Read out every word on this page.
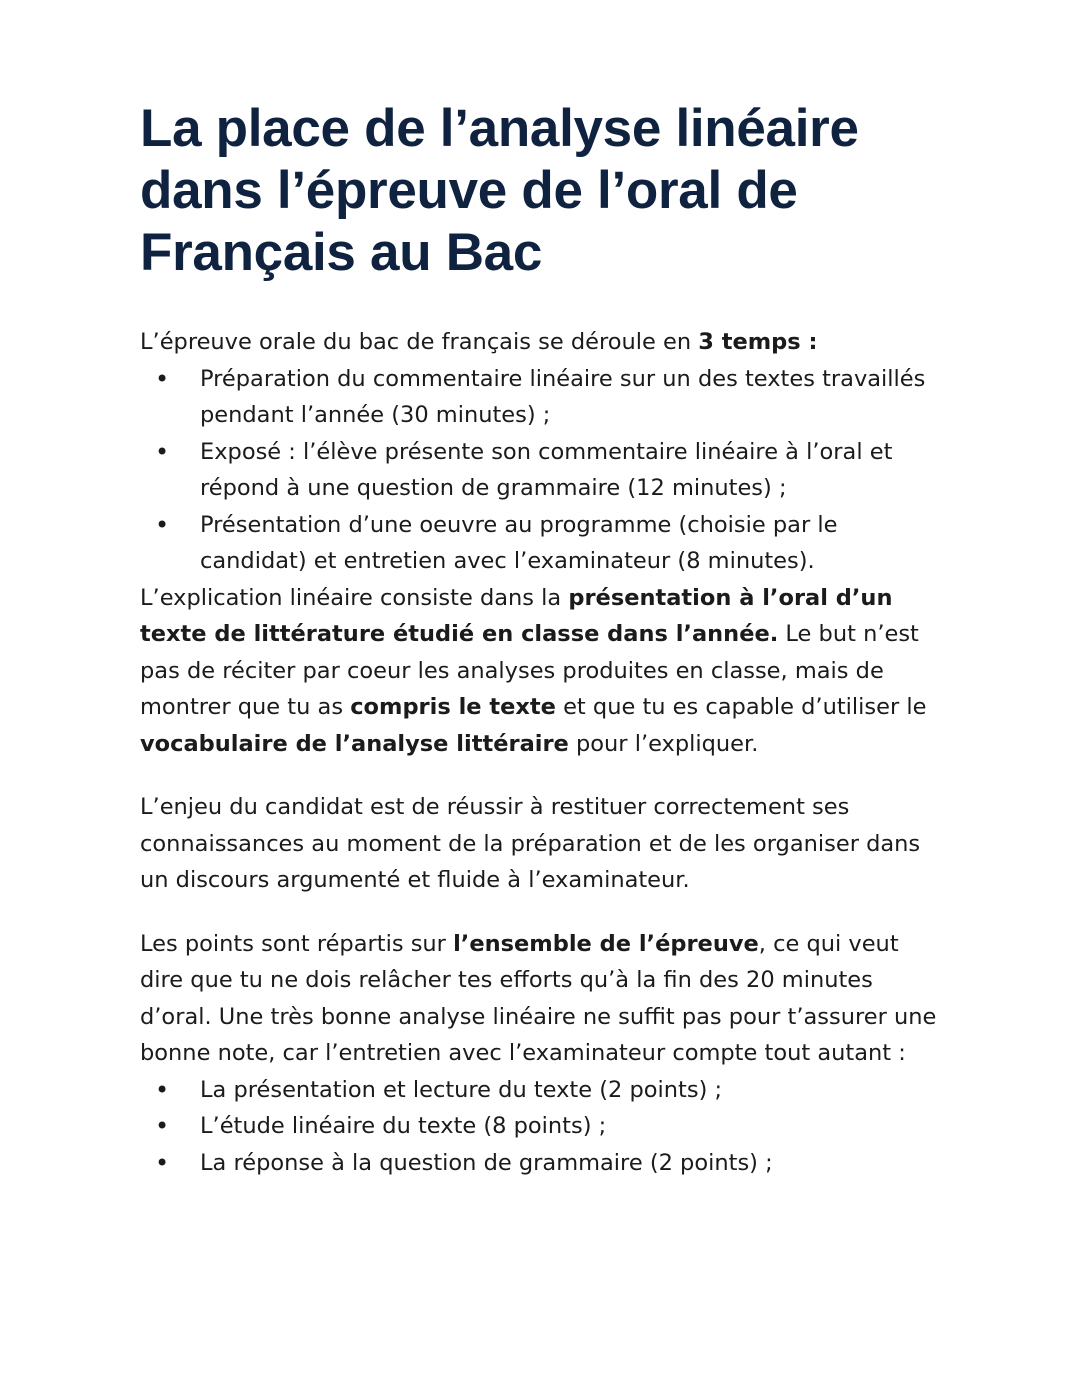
La place de l’analyse linéaire dans l’épreuve de l’oral de Français au Bac

L’épreuve orale du bac de français se déroule en 3 temps :

• Préparation du commentaire linéaire sur un des textes travaillés pendant l’année (30 minutes) ;
• Exposé : l’élève présente son commentaire linéaire à l’oral et répond à une question de grammaire (12 minutes) ;
• Présentation d’une oeuvre au programme (choisie par le candidat) et entretien avec l’examinateur (8 minutes).

L’explication linéaire consiste dans la présentation à l’oral d’un texte de littérature étudié en classe dans l’année. Le but n’est pas de réciter par coeur les analyses produites en classe, mais de montrer que tu as compris le texte et que tu es capable d’utiliser le vocabulaire de l’analyse littéraire pour l’expliquer.

L’enjeu du candidat est de réussir à restituer correctement ses connaissances au moment de la préparation et de les organiser dans un discours argumenté et fluide à l’examinateur.

Les points sont répartis sur l’ensemble de l’épreuve, ce qui veut dire que tu ne dois relâcher tes efforts qu’à la fin des 20 minutes d’oral. Une très bonne analyse linéaire ne suffit pas pour t’assurer une bonne note, car l’entretien avec l’examinateur compte tout autant :

• La présentation et lecture du texte (2 points) ;
• L’étude linéaire du texte (8 points) ;
• La réponse à la question de grammaire (2 points) ;
